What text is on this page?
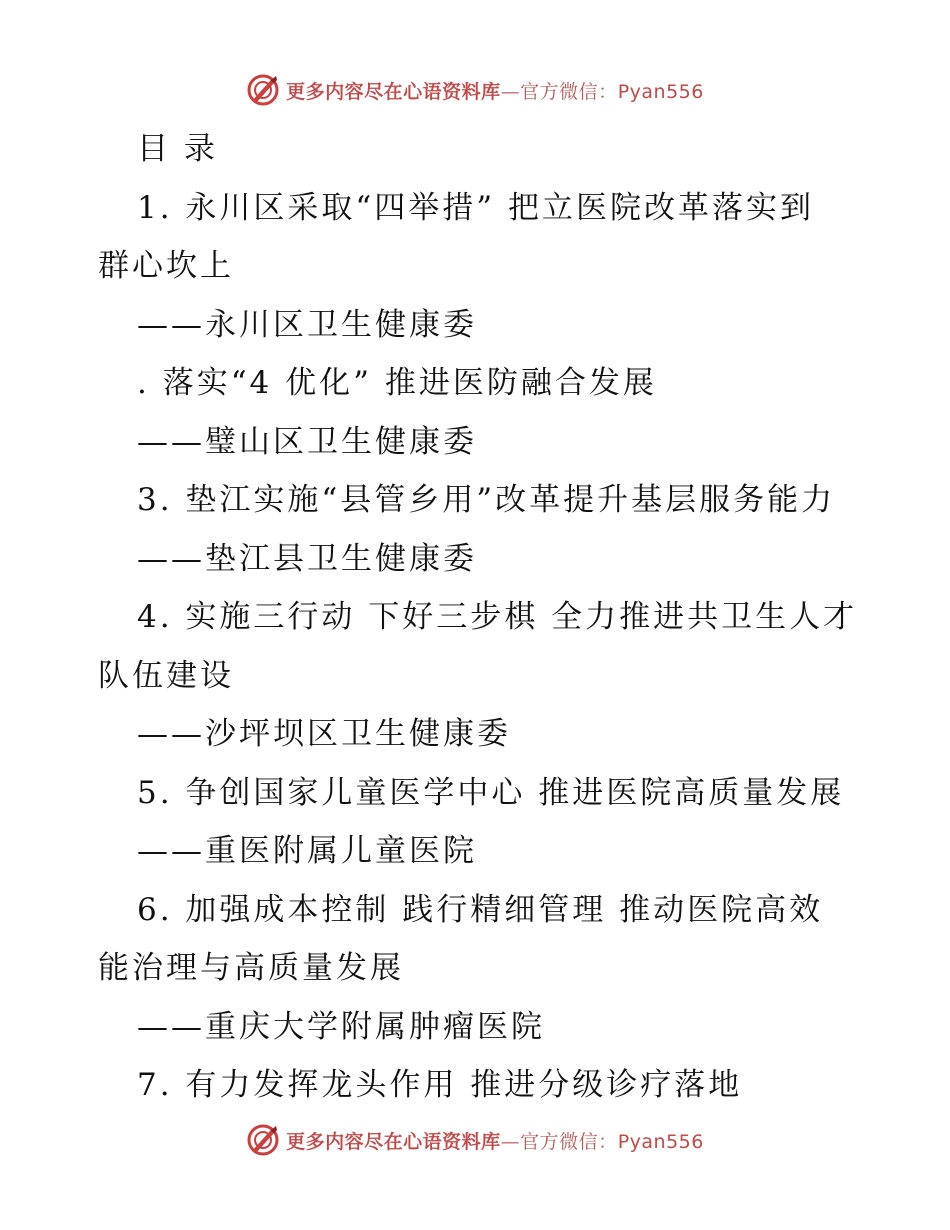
更多内容尽在心语资料库—官方微信：Pyan556
目 录
1. 永川区采取“四举措” 把立医院改革落实到
群心坎上
——永川区卫生健康委
. 落实“4 优化” 推进医防融合发展
——璧山区卫生健康委
3. 垫江实施“县管乡用”改革提升基层服务能力
——垫江县卫生健康委
4. 实施三行动 下好三步棋 全力推进共卫生人才
队伍建设
——沙坪坝区卫生健康委
5. 争创国家儿童医学中心 推进医院高质量发展
——重医附属儿童医院
6. 加强成本控制 践行精细管理 推动医院高效
能治理与高质量发展
——重庆大学附属肿瘤医院
7. 有力发挥龙头作用 推进分级诊疗落地
更多内容尽在心语资料库—官方微信：Pyan556
